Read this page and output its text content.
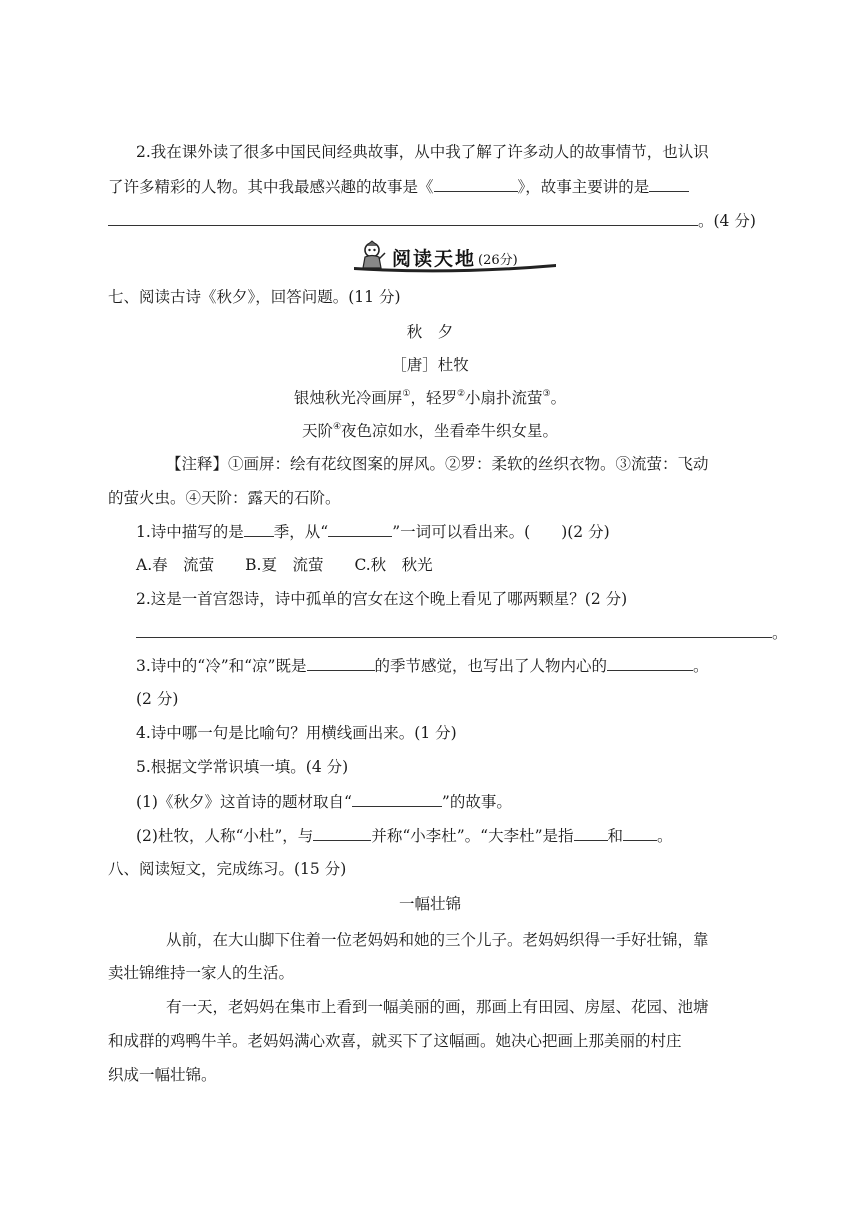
2.我在课外读了很多中国民间经典故事，从中我了解了许多动人的故事情节，也认识
了许多精彩的人物。其中我最感兴趣的故事是《	》，故事主要讲的是
。(4 分)
阅读天地 (26分)
七、阅读古诗《秋夕》，回答问题。(11 分)
秋　夕
［唐］杜牧
银烛秋光冷画屏①，轻罗②小扇扑流萤③。
天阶④夜色凉如水，坐看牵牛织女星。
【注释】①画屏：绘有花纹图案的屏风。②罗：柔软的丝织衣物。③流萤：飞动
的萤火虫。④天阶：露天的石阶。
1.诗中描写的是 季，从“	”一词可以看出来。(　　)(2 分)
A.春　流萤　　B.夏　流萤　　C.秋　秋光
2.这是一首宫怨诗，诗中孤单的宫女在这个晚上看见了哪两颗星？(2 分)
。
3.诗中的“冷”和“凉”既是	的季节感觉，也写出了人物内心的	。
(2 分)
4.诗中哪一句是比喻句？用横线画出来。(1 分)
5.根据文学常识填一填。(4 分)
(1)《秋夕》这首诗的题材取自“	”的故事。
(2)杜牧，人称“小杜”，与	并称“小李杜”。“大李杜”是指 和 。
八、阅读短文，完成练习。(15 分)
一幅壮锦
从前，在大山脚下住着一位老妈妈和她的三个儿子。老妈妈织得一手好壮锦，靠
卖壮锦维持一家人的生活。
有一天，老妈妈在集市上看到一幅美丽的画，那画上有田园、房屋、花园、池塘
和成群的鸡鸭牛羊。老妈妈满心欢喜，就买下了这幅画。她决心把画上那美丽的村庄
织成一幅壮锦。
